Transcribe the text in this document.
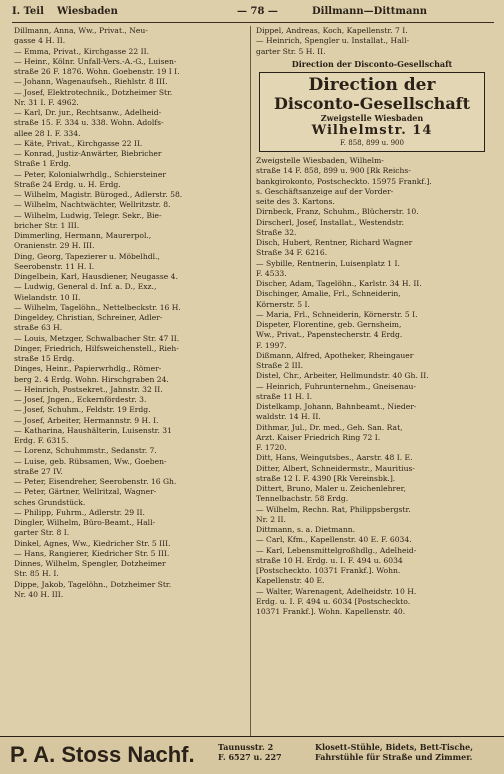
I. Teil Wiesbaden	— 78 —	Dillmann—Dittmann
Dillmann, Anna, Ww., Privat., Neu-
gasse 4 H. II.
— Emma, Privat., Kirchgasse 22 II.
— Heinr., Kölnr. Unfall-Vers.-A.-G., Luisen-
straße 26 F. 1876. Wohn. Goebenstr. 19 I I.
— Johann, Wagenaufseh., Riehlstr. 8 III.
— Josef, Elektrotechnik., Dotzheimer Str.
Nr. 31 I. F. 4962.
— Karl, Dr. jur., Rechtsanw., Adelheid-
straße 15. F. 334 u. 338. Wohn. Adolfs-
allee 28 I. F. 334.
— Käte, Privat., Kirchgasse 22 II.
— Konrad, Justiz-Anwärter, Biebricher
Straße 1 Erdg.
— Peter, Kolonialwrhdlg., Schiersteiner
Straße 24 Erdg. u. H. Erdg.
— Wilhelm, Magistr. Büroged., Adlerstr. 58.
— Wilhelm, Nachtwächter, Wellritzstr. 8.
— Wilhelm, Ludwig, Telegr. Sekr., Bie-
bricher Str. 1 III.
Dimmerling, Hermann, Maurerpol.,
Oranienstr. 29 H. III.
Ding, Georg, Tapezierer u. Möbelhdl.,
Seerobenstr. 11 H. I.
Dingelbein, Karl, Hausdiener, Neugasse 4.
— Ludwig, General d. Inf. a. D., Exz.,
Wielandstr. 10 II.
— Wilhelm, Tagelöhn., Nettelbeckstr. 16 H.
Dingeldey, Christian, Schreiner, Adler-
straße 63 H.
— Louis, Metzger, Schwalbacher Str. 47 II.
Dinger, Friedrich, Hilfsweichenstell., Rieh-
straße 15 Erdg.
Dinges, Heinr., Papierwrhdlg., Römer-
berg 2. 4 Erdg. Wohn. Hirschgraben 24.
— Heinrich, Postsekret., Jahnstr. 32 II.
— Josef, Jngen., Eckernfördestr. 3.
— Josef, Schuhm., Feldstr. 19 Erdg.
— Josef, Arbeiter, Hermannstr. 9 H. I.
— Katharina, Haushälterin, Luisenstr. 31
Erdg. F. 6315.
— Lorenz, Schuhmmstr., Sedanstr. 7.
— Luise, geb. Rübsamen, Ww., Goeben-
straße 27 IV.
— Peter, Eisendreher, Seerobenstr. 16 Gh.
— Peter, Gärtner, Wellritzal, Wagner-
sches Grundstück.
— Philipp, Fuhrm., Adlerstr. 29 II.
Dingler, Wilhelm, Büro-Beamt., Hall-
garter Str. 8 I.
Dinkel, Agnes, Ww., Kiedricher Str. 5 III.
— Hans, Rangierer, Kiedricher Str. 5 III.
Dinnes, Wilhelm, Spengler, Dotzheimer
Str. 85 H. I.
Dippe, Jakob, Tagelöhn., Dotzheimer Str.
Nr. 40 H. III.
Dippel, Andreas, Koch, Kapellenstr. 7 I.
— Heinrich, Spengler u. Installat., Hall-
garter Str. 5 H. II.
Direction der Disconto-Gesellschaft
Direction der
Disconto-Gesellschaft
Zweigstelle Wiesbaden
Wilhelmstr. 14
F. 858, 899 u. 900
Zweigstelle Wiesbaden, Wilhelm-
straße 14 F. 858, 899 u. 900 [Rk Reichs-
bankgirokonto, Postscheckto. 15975 Frankf.].
s. Geschäftsanzeige auf der Vorder-
seite des 3. Kartons.
Dirnbeck, Franz, Schuhm., Blücherstr. 10.
Dirscherl, Josef, Installat., Westendstr.
Straße 32.
Disch, Hubert, Rentner, Richard Wagner
Straße 34 F. 6216.
— Sybille, Rentnerin, Luisenplatz 1 I.
F. 4533.
Discher, Adam, Tagelöhn., Karlstr. 34 H. II.
Dischinger, Amalie, Frl., Schneiderin,
Körnerstr. 5 I.
— Maria, Frl., Schneiderin, Körnerstr. 5 I.
Dispeter, Florentine, geb. Gernsheim,
Ww., Privat., Papenstecherstr. 4 Erdg.
F. 1997.
Dißmann, Alfred, Apotheker, Rheingauer
Straße 2 III.
Distel, Chr., Arbeiter, Hellmundstr. 40 Gh. II.
— Heinrich, Fuhrunternehm., Gneisenau-
straße 11 H. I.
Distelkamp, Johann, Bahnbeamt., Nieder-
waldstr. 14 H. II.
Dithmar, Jul., Dr. med., Geh. San. Rat,
Arzt. Kaiser Friedrich Ring 72 I.
F. 1720.
Ditt, Hans, Weingutsbes., Aarstr. 48 I. E.
Ditter, Albert, Schneidermstr., Mauritius-
straße 12 I. F. 4390 [Rk Vereinsbk.].
Dittert, Bruno, Maler u. Zeichenlehrer,
Tennelbachstr. 58 Erdg.
— Wilhelm, Rechn. Rat, Philippsbergstr.
Nr. 2 II.
Dittmann, s. a. Dietmann.
— Carl, Kfm., Kapellenstr. 40 E. F. 6034.
— Karl, Lebensmittelgroßhdlg., Adelheid-
straße 10 H. Erdg. u. I. F. 494 u. 6034
[Postscheckto. 10371 Frankf.]. Wohn.
Kapellenstr. 40 E.
— Walter, Warenagent, Adelheidstr. 10 H.
Erdg. u. I. F. 494 u. 6034 [Postscheckto.
10371 Frankf.]. Wohn. Kapellenstr. 40.
P. A. Stoss Nachf.	Taunusstr. 2
F. 6527 u. 227
Klosett-Stühle, Bidets, Bett-Tische,
Fahrstühle für Straße und Zimmer.
